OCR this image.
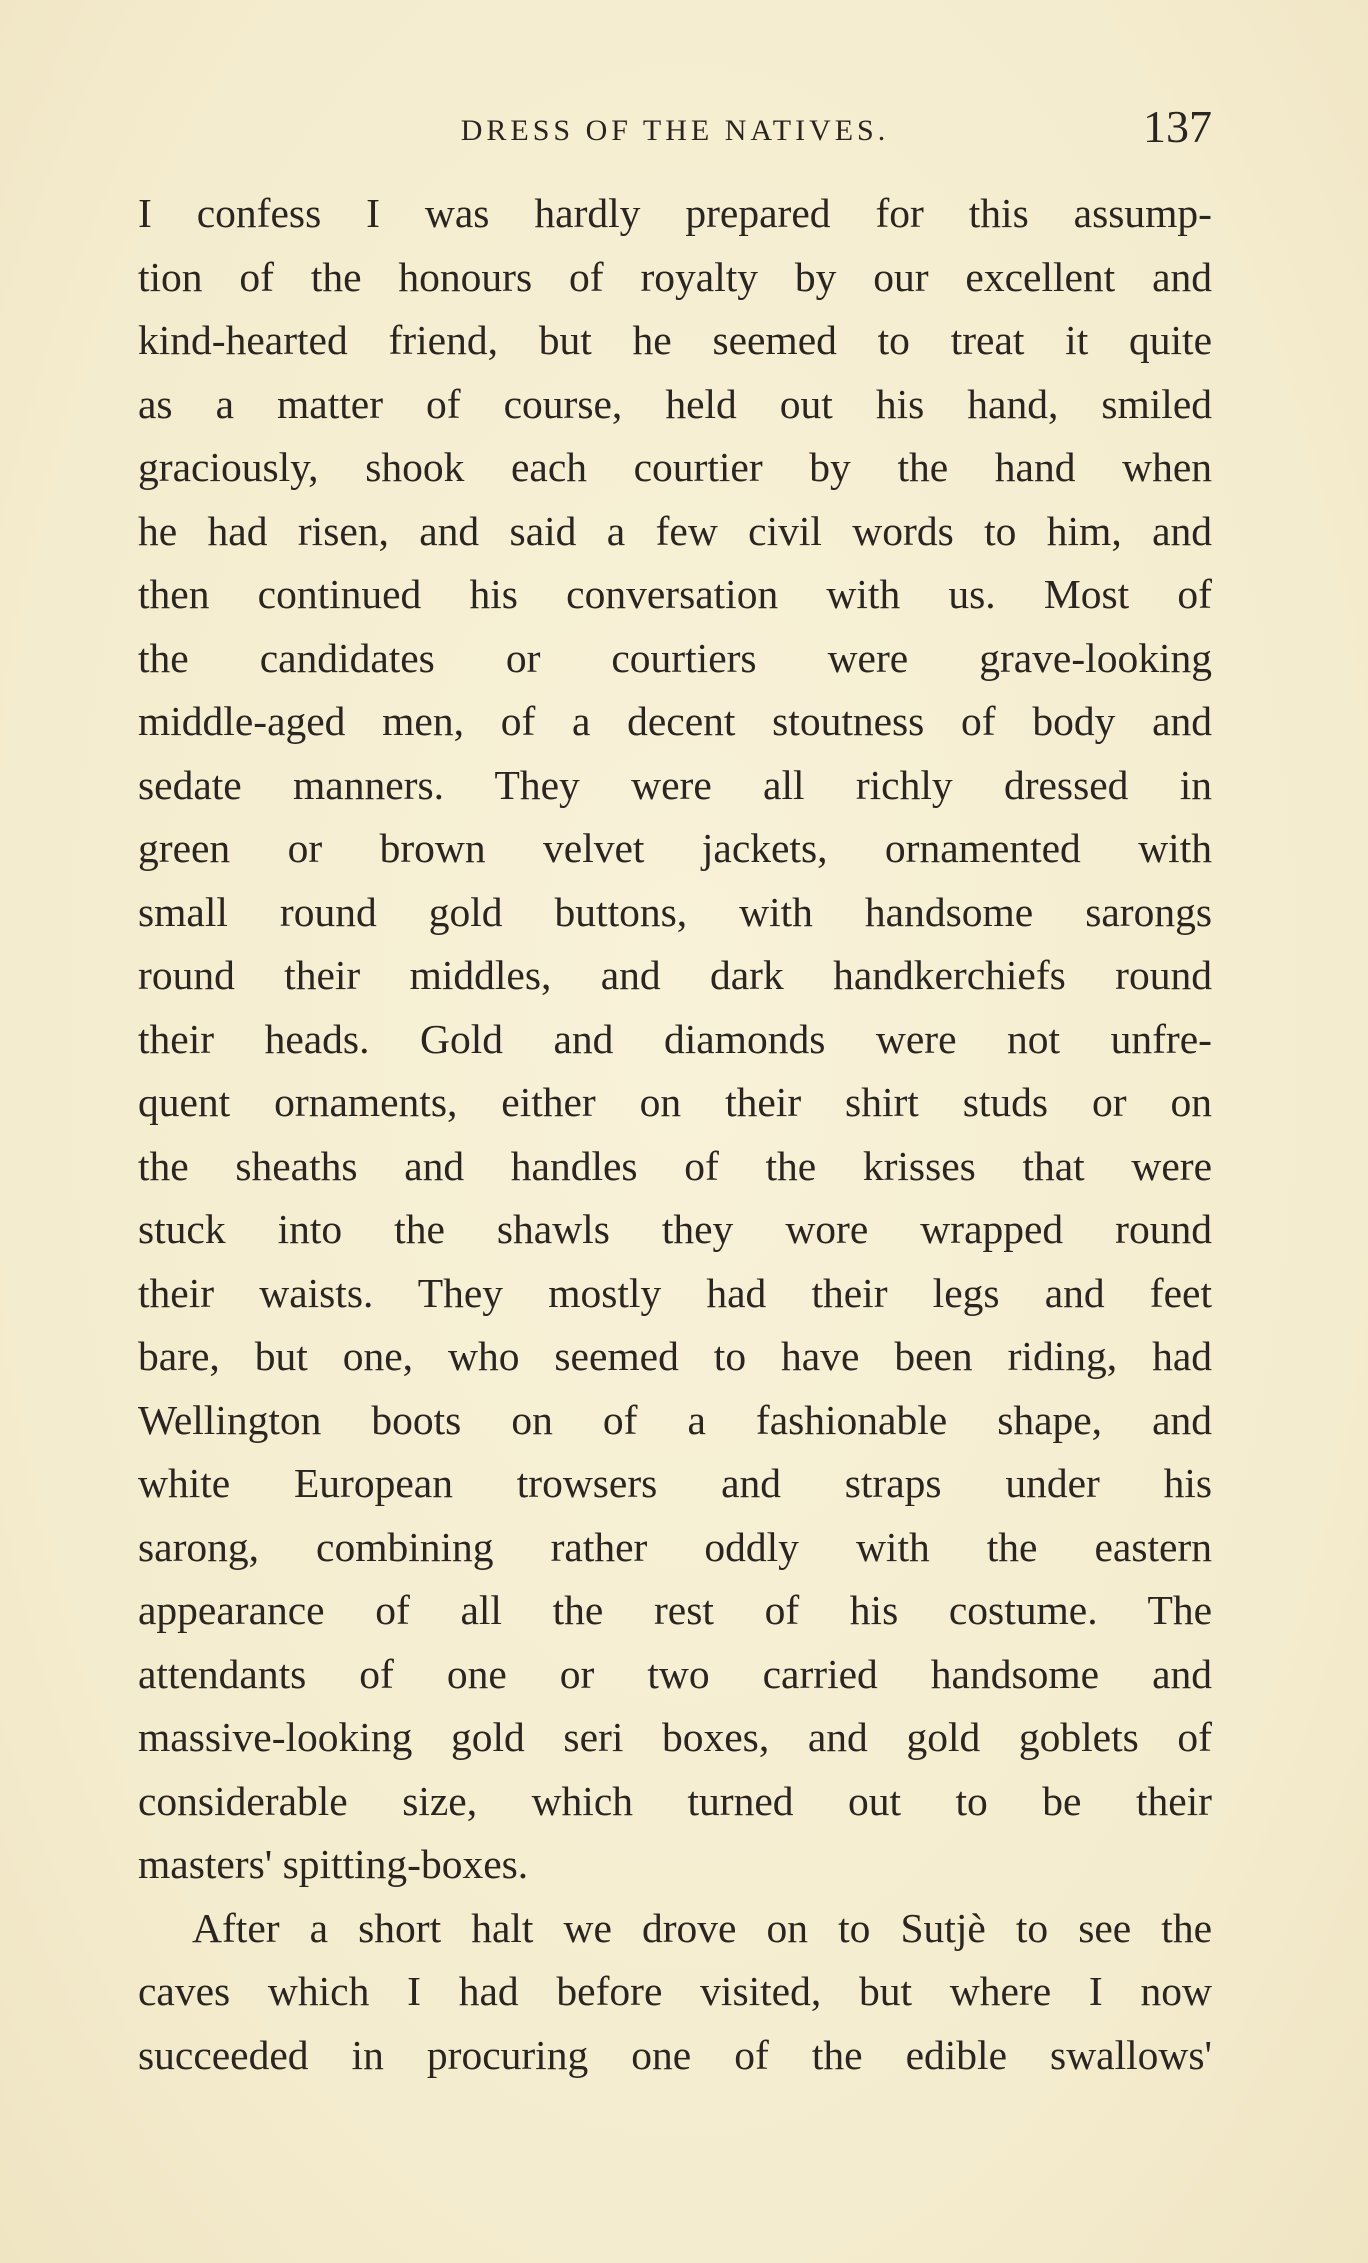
DRESS OF THE NATIVES.	137
I confess I was hardly prepared for this assump-
tion of the honours of royalty by our excellent and
kind-hearted friend, but he seemed to treat it quite
as a matter of course, held out his hand, smiled
graciously, shook each courtier by the hand when
he had risen, and said a few civil words to him, and
then continued his conversation with us. Most of
the candidates or courtiers were grave-looking
middle-aged men, of a decent stoutness of body and
sedate manners. They were all richly dressed in
green or brown velvet jackets, ornamented with
small round gold buttons, with handsome sarongs
round their middles, and dark handkerchiefs round
their heads. Gold and diamonds were not unfre-
quent ornaments, either on their shirt studs or on
the sheaths and handles of the krisses that were
stuck into the shawls they wore wrapped round
their waists. They mostly had their legs and feet
bare, but one, who seemed to have been riding, had
Wellington boots on of a fashionable shape, and
white European trowsers and straps under his
sarong, combining rather oddly with the eastern
appearance of all the rest of his costume. The
attendants of one or two carried handsome and
massive-looking gold seri boxes, and gold goblets of
considerable size, which turned out to be their
masters' spitting-boxes.
After a short halt we drove on to Sutjè to see the
caves which I had before visited, but where I now
succeeded in procuring one of the edible swallows'
